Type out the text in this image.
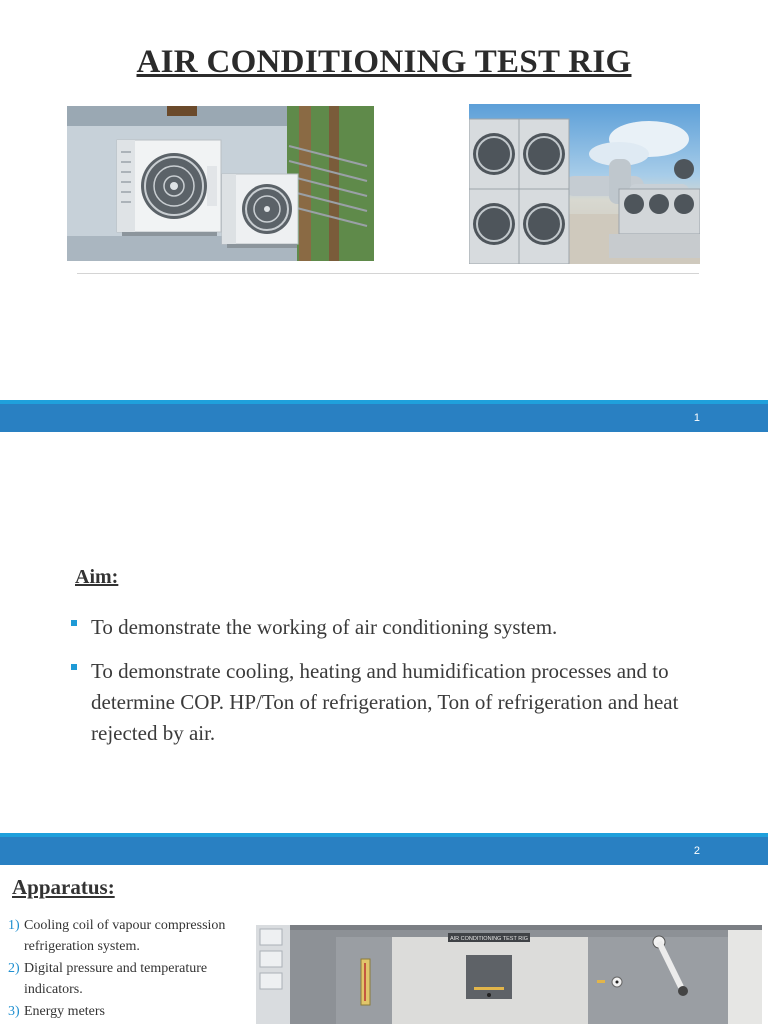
AIR CONDITIONING TEST RIG
1
Aim:
To demonstrate the working of air conditioning system.
To demonstrate cooling, heating and humidification processes and to determine COP. HP/Ton of refrigeration, Ton of refrigeration and heat rejected by air.
2
Apparatus:
1) Cooling coil of vapour compression refrigeration system.
2) Digital pressure and temperature indicators.
3) Energy meters
AIR CONDITIONING TEST RIG
